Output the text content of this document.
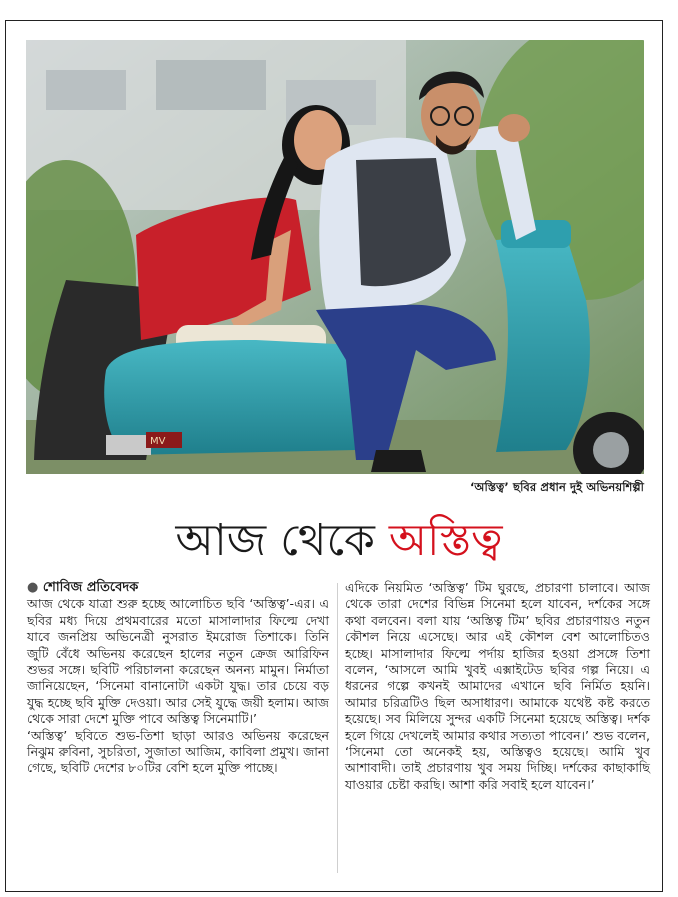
MV
‘অস্তিত্ব’ ছবির প্রধান দুই অভিনয়শিল্পী
আজ থেকে অস্তিত্ব

● শোবিজ প্রতিবেদক

আজ থেকে যাত্রা শুরু হচ্ছে আলোচিত ছবি ‘অস্তিত্ব’-এর। এ ছবির মধ্য দিয়ে প্রথমবারের মতো মাসালাদার ফিল্মে দেখা যাবে জনপ্রিয় অভিনেত্রী নুসরাত ইমরোজ তিশাকে। তিনি জুটি বেঁধে অভিনয় করেছেন হালের নতুন ক্রেজ আরিফিন শুভর সঙ্গে। ছবিটি পরিচালনা করেছেন অনন্য মামুন। নির্মাতা জানিয়েছেন, ‘সিনেমা বানানোটা একটা যুদ্ধ। তার চেয়ে বড় যুদ্ধ হচ্ছে ছবি মুক্তি দেওয়া। আর সেই যুদ্ধে জয়ী হলাম। আজ থেকে সারা দেশে মুক্তি পাবে অস্তিত্ব সিনেমাটি।’

‘অস্তিত্ব’ ছবিতে শুভ-তিশা ছাড়া আরও অভিনয় করেছেন নিঝুম রুবিনা, সুচরিতা, সুজাতা আজিম, কাবিলা প্রমুখ। জানা গেছে, ছবিটি দেশের ৮০টির বেশি হলে মুক্তি পাচ্ছে।

এদিকে নিয়মিত ‘অস্তিত্ব’ টিম ঘুরছে, প্রচারণা চালাবে। আজ থেকে তারা দেশের বিভিন্ন সিনেমা হলে যাবেন, দর্শকের সঙ্গে কথা বলবেন। বলা যায় ‘অস্তিত্ব টিম’ ছবির প্রচারণায়ও নতুন কৌশল নিয়ে এসেছে। আর এই কৌশল বেশ আলোচিতও হচ্ছে। মাসালাদার ফিল্মে পর্দায় হাজির হওয়া প্রসঙ্গে তিশা বলেন, ‘আসলে আমি খুবই এক্সাইটেড ছবির গল্প নিয়ে। এ ধরনের গল্পে কখনই আমাদের এখানে ছবি নির্মিত হয়নি। আমার চরিত্রটিও ছিল অসাধারণ। আমাকে যথেষ্ট কষ্ট করতে হয়েছে। সব মিলিয়ে সুন্দর একটি সিনেমা হয়েছে অস্তিত্ব। দর্শক হলে গিয়ে দেখলেই আমার কথার সত্যতা পাবেন।’ শুভ বলেন, ‘সিনেমা তো অনেকই হয়, অস্তিত্বও হয়েছে। আমি খুব আশাবাদী। তাই প্রচারণায় খুব সময় দিচ্ছি। দর্শকের কাছাকাছি যাওয়ার চেষ্টা করছি। আশা করি সবাই হলে যাবেন।’
